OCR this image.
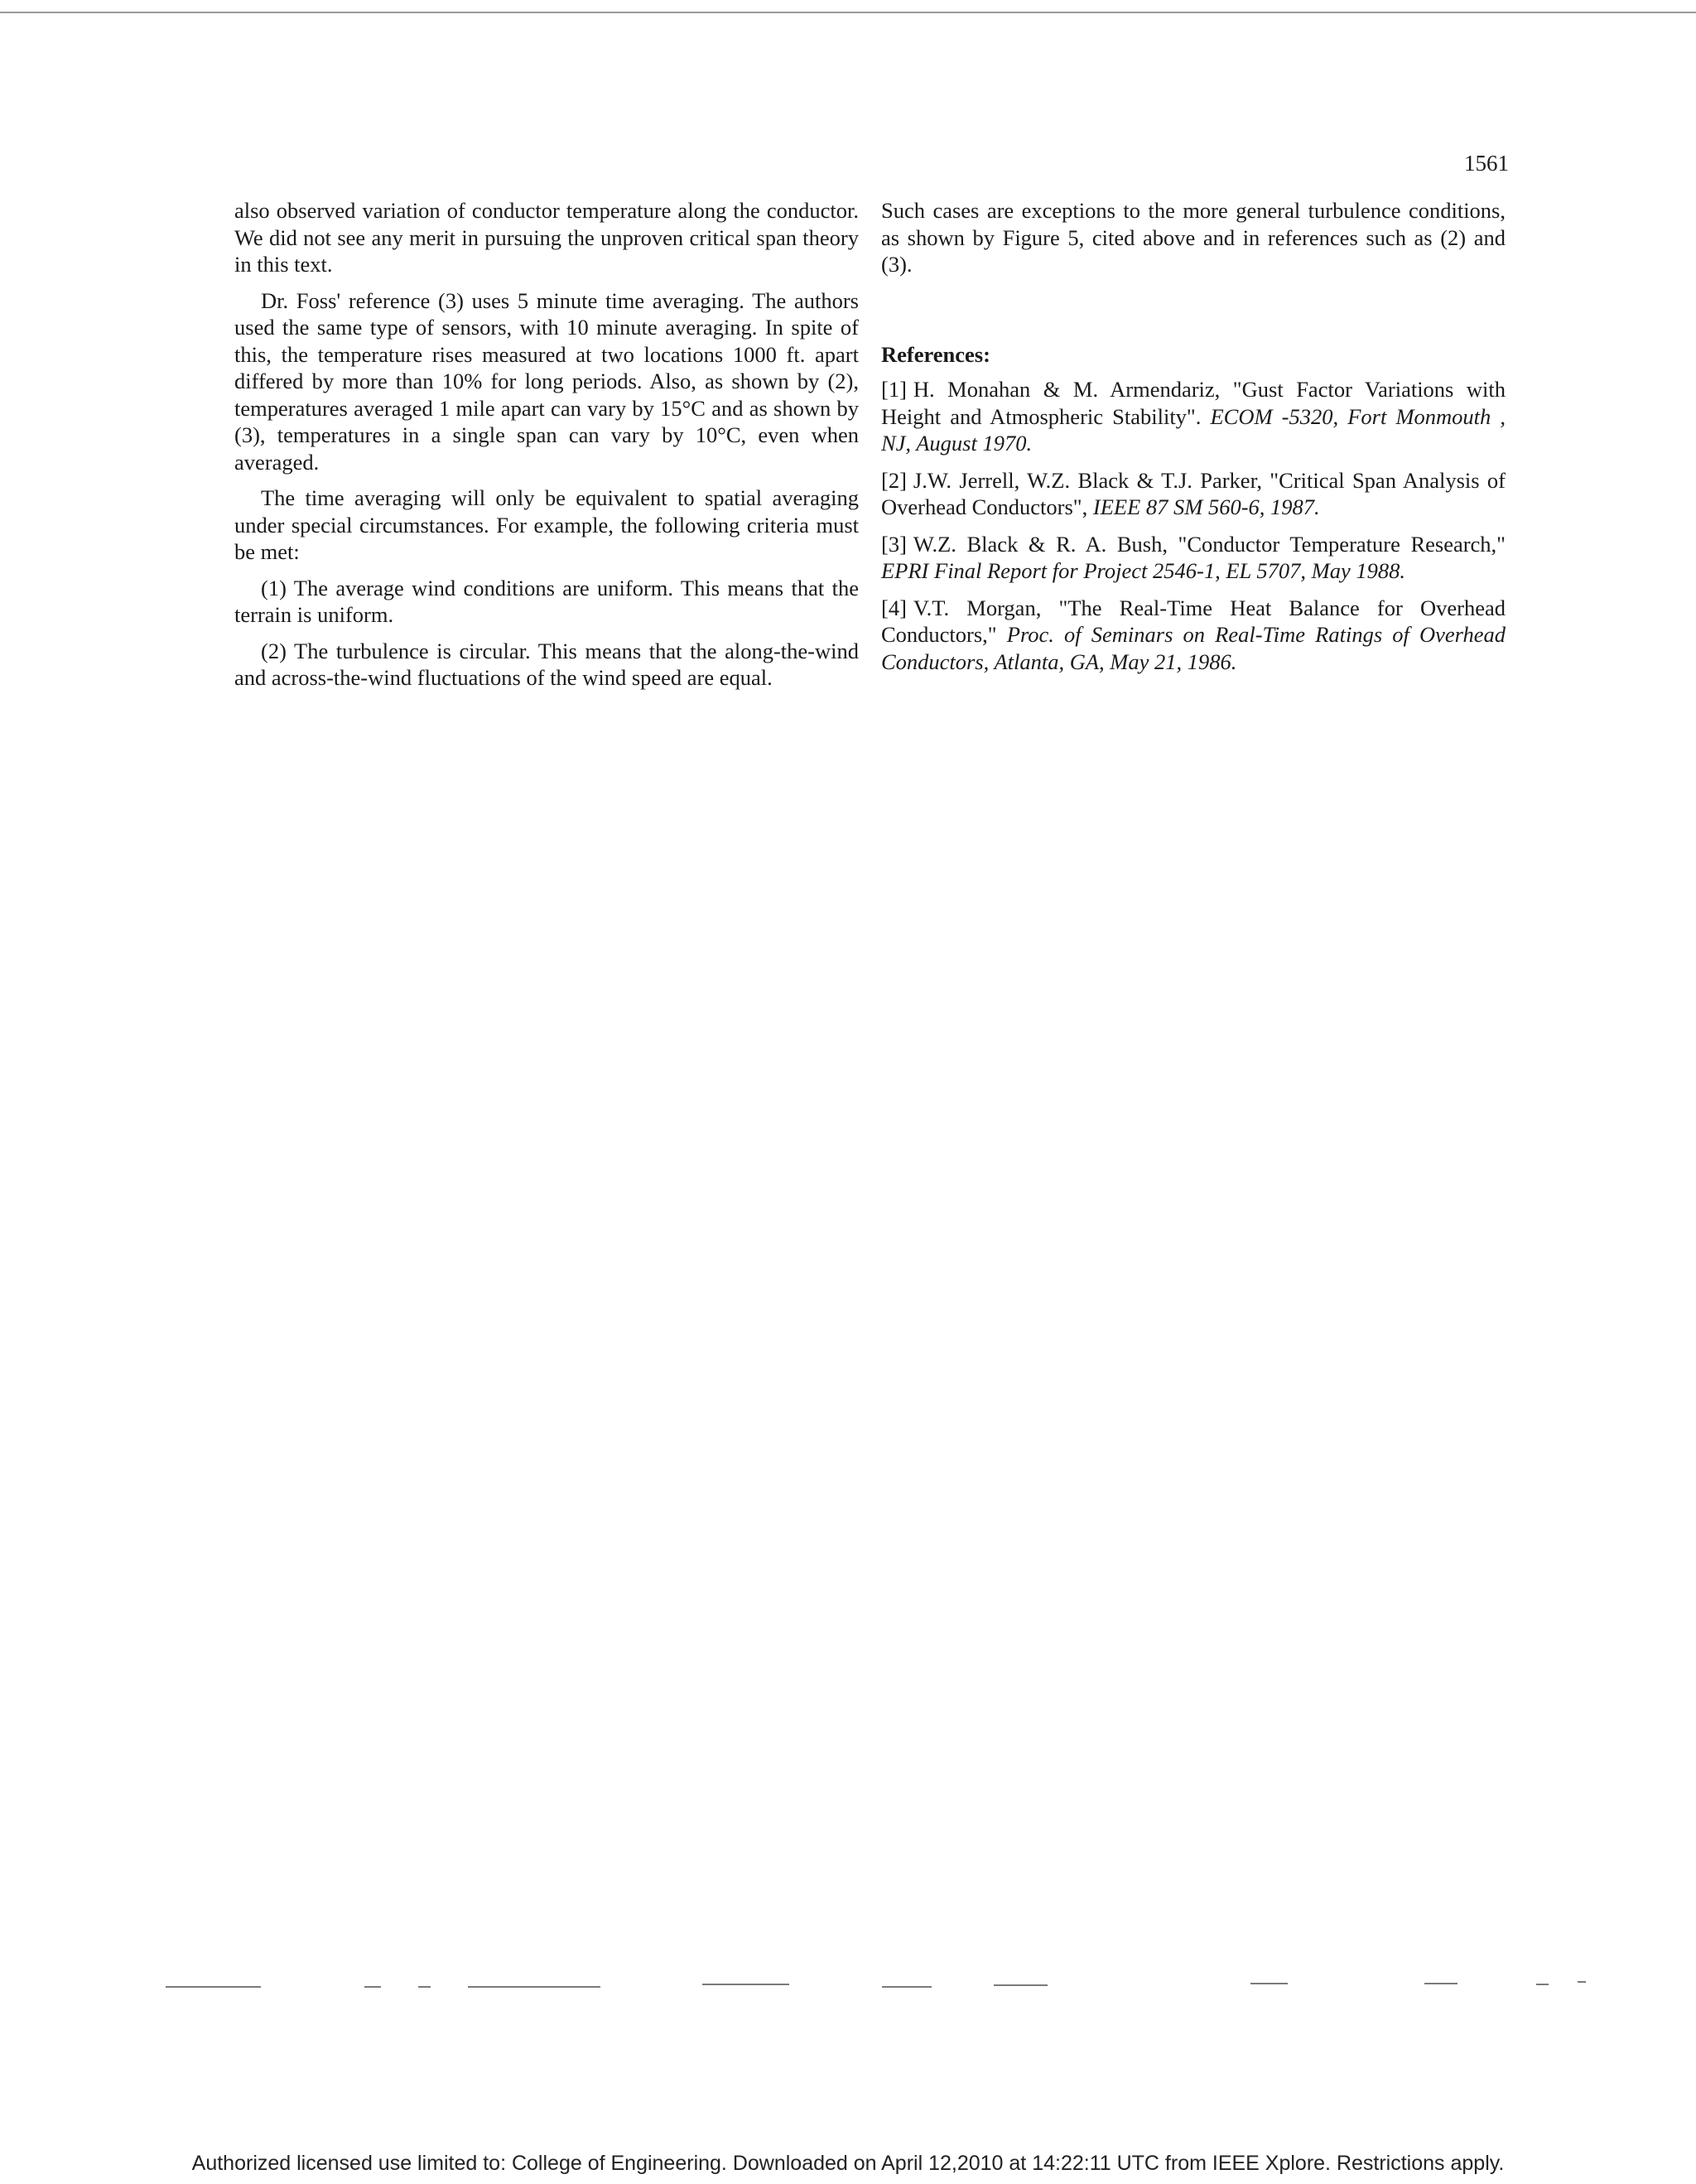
1561

also observed variation of conductor temperature along the conductor. We did not see any merit in pursuing the unproven critical span theory in this text.

Dr. Foss' reference (3) uses 5 minute time averaging. The authors used the same type of sensors, with 10 minute averaging. In spite of this, the temperature rises measured at two locations 1000 ft. apart differed by more than 10% for long periods. Also, as shown by (2), temperatures averaged 1 mile apart can vary by 15°C and as shown by (3), temperatures in a single span can vary by 10°C, even when averaged.

The time averaging will only be equivalent to spatial averaging under special circumstances. For example, the following criteria must be met:

(1) The average wind conditions are uniform. This means that the terrain is uniform.

(2) The turbulence is circular. This means that the along-the-wind and across-the-wind fluctuations of the wind speed are equal.

Such cases are exceptions to the more general turbulence conditions, as shown by Figure 5, cited above and in references such as (2) and (3).

References:

[1] H. Monahan & M. Armendariz, "Gust Factor Variations with Height and Atmospheric Stability". ECOM -5320, Fort Monmouth , NJ, August 1970.

[2] J.W. Jerrell, W.Z. Black & T.J. Parker, "Critical Span Analysis of Overhead Conductors", IEEE 87 SM 560-6, 1987.

[3] W.Z. Black & R. A. Bush, "Conductor Temperature Research," EPRI Final Report for Project 2546-1, EL 5707, May 1988.

[4] V.T. Morgan, "The Real-Time Heat Balance for Overhead Conductors," Proc. of Seminars on Real-Time Ratings of Overhead Conductors, Atlanta, GA, May 21, 1986.

Authorized licensed use limited to: College of Engineering. Downloaded on April 12,2010 at 14:22:11 UTC from IEEE Xplore. Restrictions apply.
